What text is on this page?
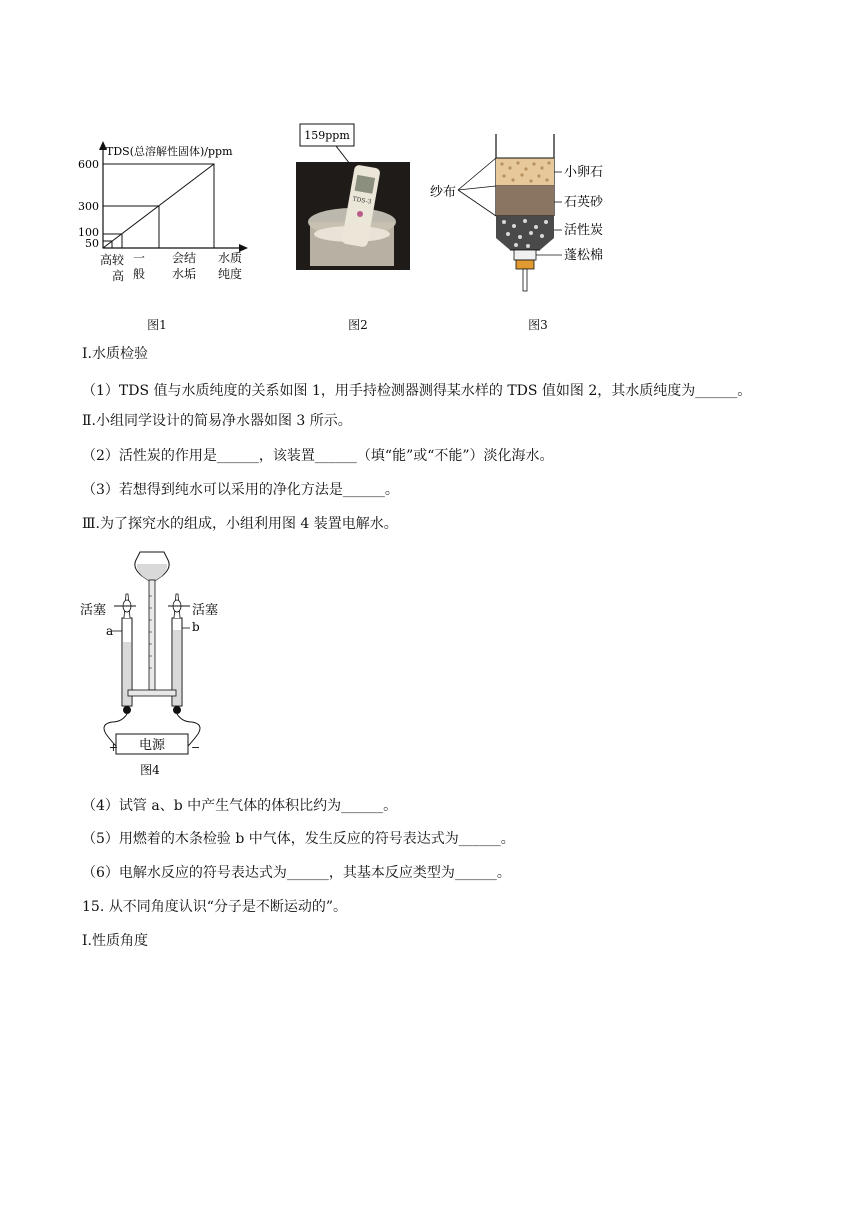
TDS(总溶解性固体)/ppm
600
300
100
50
高较
高
一
般
会结
水垢
水质
纯度
159ppm
TDS-3
小卵石
石英砂
活性炭
蓬松棉
纱布
图1	图2	图3
Ⅰ.水质检验
（1）TDS 值与水质纯度的关系如图 1，用手持检测器测得某水样的 TDS 值如图 2，其水质纯度为______。
Ⅱ.小组同学设计的简易净水器如图 3 所示。
（2）活性炭的作用是______，该装置______（填“能”或“不能”）淡化海水。
（3）若想得到纯水可以采用的净化方法是______。
Ⅲ.为了探究水的组成，小组利用图 4 装置电解水。
电源
+	−
活塞	活塞
a	b
图4
（4）试管 a、b 中产生气体的体积比约为______。
（5）用燃着的木条检验 b 中气体，发生反应的符号表达式为______。
（6）电解水反应的符号表达式为______，其基本反应类型为______。
15. 从不同角度认识“分子是不断运动的”。
Ⅰ.性质角度
